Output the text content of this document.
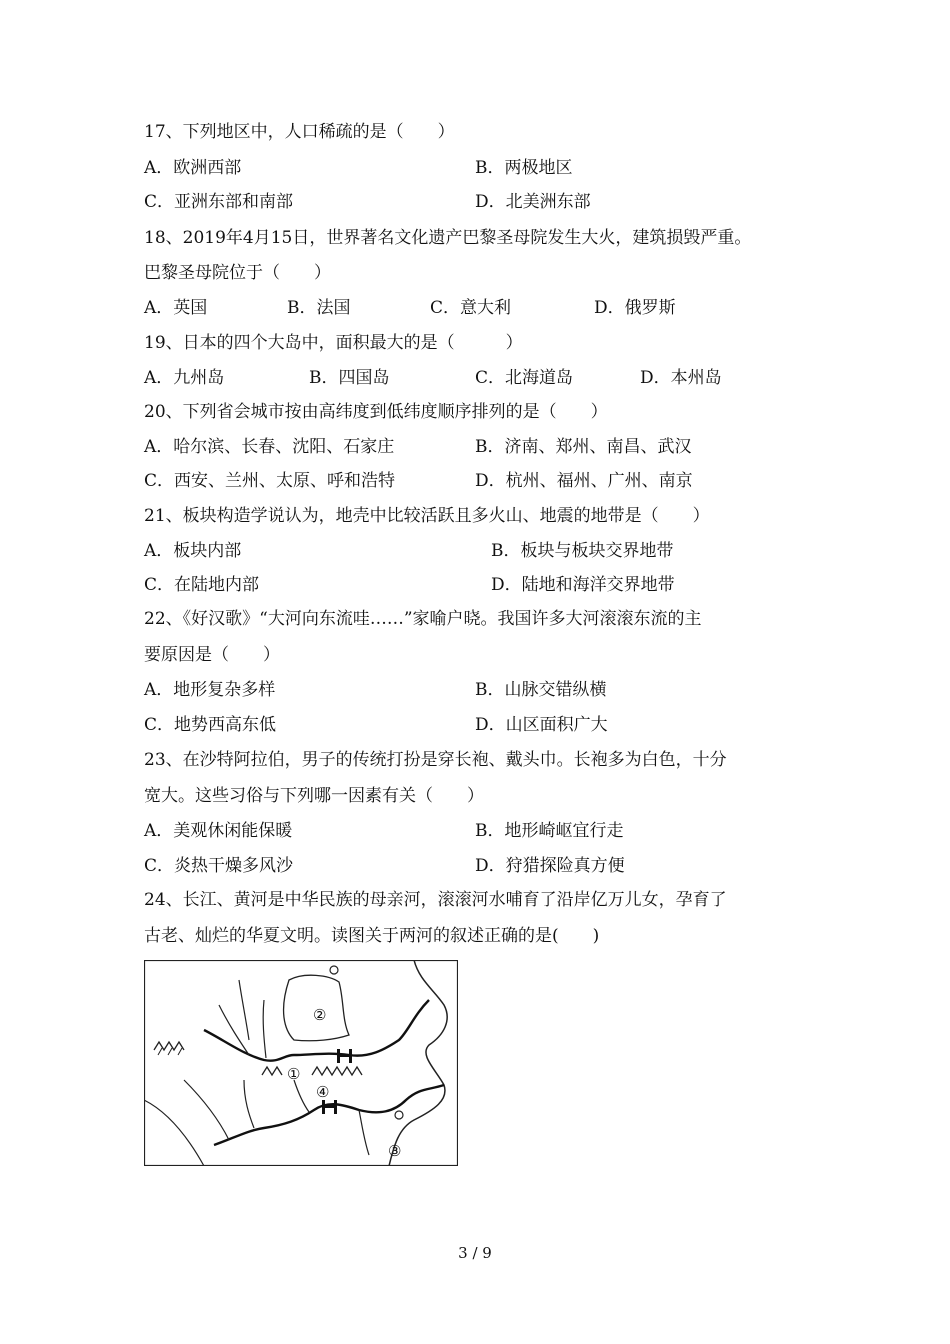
17、下列地区中，人口稀疏的是（　　）
A．欧洲西部	B．两极地区
C．亚洲东部和南部	D．北美洲东部
18、2019年4月15日，世界著名文化遗产巴黎圣母院发生大火，建筑损毁严重。
巴黎圣母院位于（　　）
A．英国	B．法国	C．意大利	D．俄罗斯
19、日本的四个大岛中，面积最大的是（　　　）
A．九州岛	B．四国岛	C．北海道岛	D．本州岛
20、下列省会城市按由高纬度到低纬度顺序排列的是（　　）
A．哈尔滨、长春、沈阳、石家庄	B．济南、郑州、南昌、武汉
C．西安、兰州、太原、呼和浩特	D．杭州、福州、广州、南京
21、板块构造学说认为，地壳中比较活跃且多火山、地震的地带是（　　）
A．板块内部	B．板块与板块交界地带
C．在陆地内部	D．陆地和海洋交界地带
22、《好汉歌》“大河向东流哇……”家喻户晓。我国许多大河滚滚东流的主
要原因是（　　）
A．地形复杂多样	B．山脉交错纵横
C．地势西高东低	D．山区面积广大
23、在沙特阿拉伯，男子的传统打扮是穿长袍、戴头巾。长袍多为白色，十分
宽大。这些习俗与下列哪一因素有关（　　）
A．美观休闲能保暖	B．地形崎岖宜行走
C．炎热干燥多风沙	D．狩猎探险真方便
24、长江、黄河是中华民族的母亲河，滚滚河水哺育了沿岸亿万儿女，孕育了
古老、灿烂的华夏文明。读图关于两河的叙述正确的是(　　)
①
②
③
④
3 / 9
